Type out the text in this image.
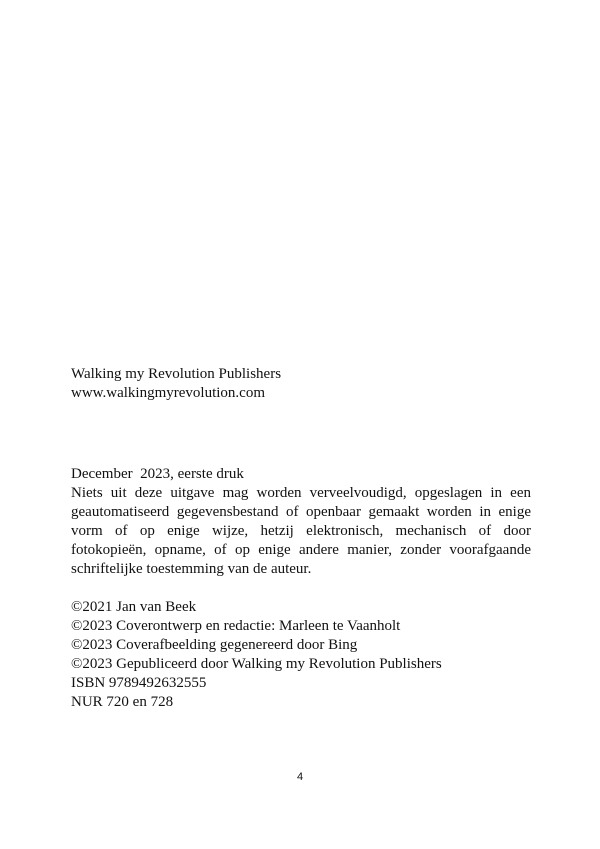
Walking my Revolution Publishers
www.walkingmyrevolution.com
December  2023, eerste druk
Niets uit deze uitgave mag worden verveelvoudigd, opgeslagen in een geautomatiseerd gegevensbestand of openbaar gemaakt worden in enige vorm of op enige wijze, hetzij elektronisch, mechanisch of door fotokopieën, opname, of op enige andere manier, zonder voorafgaande schriftelijke toestemming van de auteur.
©2021 Jan van Beek
©2023 Coverontwerp en redactie: Marleen te Vaanholt
©2023 Coverafbeelding gegenereerd door Bing
©2023 Gepubliceerd door Walking my Revolution Publishers
ISBN 9789492632555
NUR 720 en 728
4
